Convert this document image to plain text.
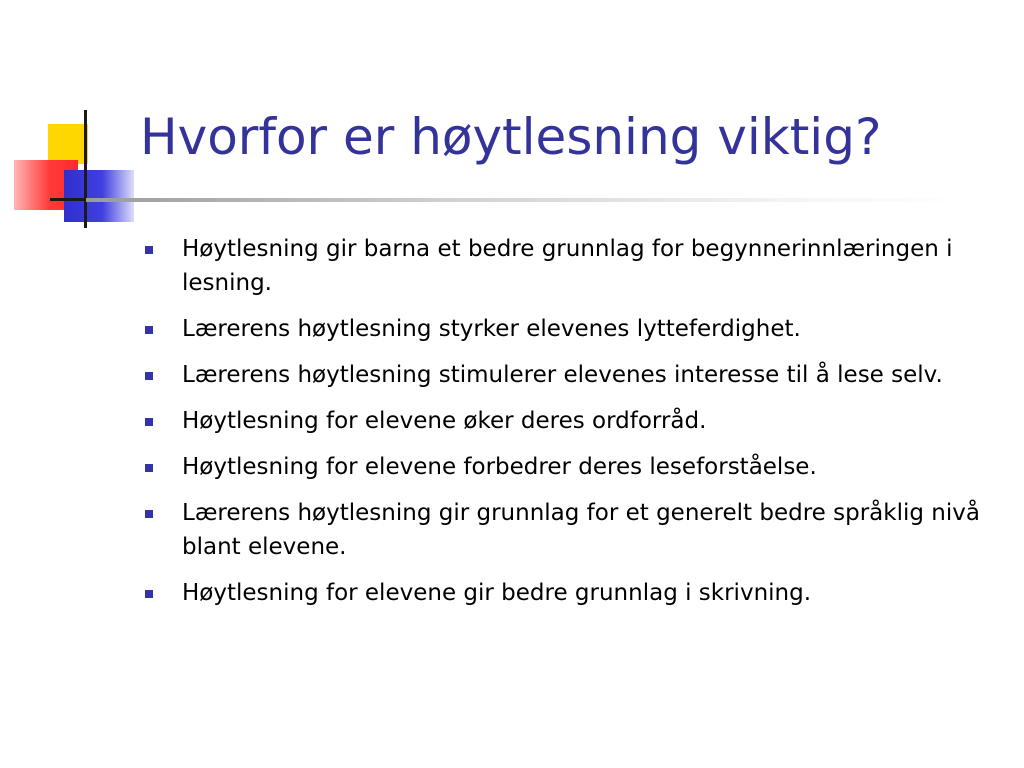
Hvorfor er høytlesning viktig?
Høytlesning gir barna et bedre grunnlag for begynnerinnlæringen i lesning.
Lærerens høytlesning styrker elevenes lytteferdighet.
Lærerens høytlesning stimulerer elevenes interesse til å lese selv.
Høytlesning for elevene øker deres ordforråd.
Høytlesning for elevene forbedrer deres leseforståelse.
Lærerens høytlesning gir grunnlag for et generelt bedre språklig nivå blant elevene.
Høytlesning for elevene gir bedre grunnlag i skrivning.
